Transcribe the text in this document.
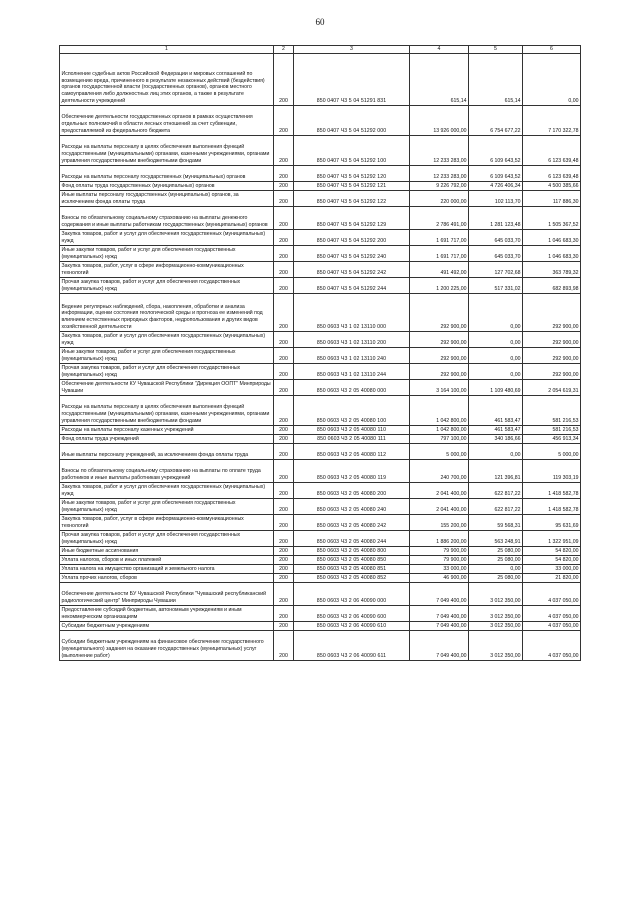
60
1	2	3	4	5	6
Исполнение судебных актов Российской Федерации и мировых соглашений по возмещению вреда, причиненного в результате незаконных действий (бездействия) органов государственной власти (государственных органов), органов местного самоуправления либо должностных лиц этих органов, а также в результате деятельности учреждений	200	850 0407 Ч3 5 04 51291 831	615,14	615,14	0,00
Обеспечение деятельности государственных органов в рамках осуществления отдельных полномочий в области лесных отношений за счет субвенции, предоставляемой из федерального бюджета	200	850 0407 Ч3 5 04 51292 000	13 926 000,00	6 754 677,22	7 170 322,78
Расходы на выплаты персоналу в целях обеспечения выполнения функций государственными (муниципальными) органами, казенными учреждениями, органами управления государственными внебюджетными фондами	200	850 0407 Ч3 5 04 51292 100	12 233 283,00	6 109 643,52	6 123 639,48
Расходы на выплаты персоналу государственных (муниципальных) органов	200	850 0407 Ч3 5 04 51292 120	12 233 283,00	6 109 643,52	6 123 639,48
Фонд оплаты труда государственных (муниципальных) органов	200	850 0407 Ч3 5 04 51292 121	9 226 792,00	4 726 406,34	4 500 385,66
Иные выплаты персоналу государственных (муниципальных) органов, за исключением фонда оплаты труда	200	850 0407 Ч3 5 04 51292 122	220 000,00	102 113,70	117 886,30
Взносы по обязательному социальному страхованию на выплаты денежного содержания и иные выплаты работникам государственных (муниципальных) органов	200	850 0407 Ч3 5 04 51292 129	2 786 491,00	1 281 123,48	1 505 367,52
Закупка товаров, работ и услуг для обеспечения государственных (муниципальных) нужд	200	850 0407 Ч3 5 04 51292 200	1 691 717,00	645 033,70	1 046 683,30
Иные закупки товаров, работ и услуг для обеспечения государственных (муниципальных) нужд	200	850 0407 Ч3 5 04 51292 240	1 691 717,00	645 033,70	1 046 683,30
Закупка товаров, работ, услуг в сфере информационно-коммуникационных технологий	200	850 0407 Ч3 5 04 51292 242	491 492,00	127 702,68	363 789,32
Прочая закупка товаров, работ и услуг для обеспечения государственных (муниципальных) нужд	200	850 0407 Ч3 5 04 51292 244	1 200 225,00	517 331,02	682 893,98
Ведение регулярных наблюдений, сбора, накопления, обработки и анализа информации, оценки состояния геологической среды и прогноза ее изменений под влиянием естественных природных факторов, недропользования и других видов хозяйственной деятельности	200	850 0603 Ч3 1 02 13110 000	292 900,00	0,00	292 900,00
Закупка товаров, работ и услуг для обеспечения государственных (муниципальных) нужд	200	850 0603 Ч3 1 02 13110 200	292 900,00	0,00	292 900,00
Иные закупки товаров, работ и услуг для обеспечения государственных (муниципальных) нужд	200	850 0603 Ч3 1 02 13110 240	292 900,00	0,00	292 900,00
Прочая закупка товаров, работ и услуг для обеспечения государственных (муниципальных) нужд	200	850 0603 Ч3 1 02 13110 244	292 900,00	0,00	292 900,00
Обеспечение деятельности КУ Чувашской Республики "Дирекция ООПТ" Минприроды Чувашии	200	850 0603 Ч3 2 05 40080 000	3 164 100,00	1 109 480,69	2 054 619,31
Расходы на выплаты персоналу в целях обеспечения выполнения функций государственными (муниципальными) органами, казенными учреждениями, органами управления государственными внебюджетными фондами	200	850 0603 Ч3 2 05 40080 100	1 042 800,00	461 583,47	581 216,53
Расходы на выплаты персоналу казенных учреждений	200	850 0603 Ч3 2 05 40080 110	1 042 800,00	461 583,47	581 216,53
Фонд оплаты труда учреждений	200	850 0603 Ч3 2 05 40080 111	797 100,00	340 186,66	456 913,34
Иные выплаты персоналу учреждений, за исключением фонда оплаты труда	200	850 0603 Ч3 2 05 40080 112	5 000,00	0,00	5 000,00
Взносы по обязательному социальному страхованию на выплаты по оплате труда работников и иные выплаты работникам учреждений	200	850 0603 Ч3 2 05 40080 119	240 700,00	121 396,81	119 303,19
Закупка товаров, работ и услуг для обеспечения государственных (муниципальных) нужд	200	850 0603 Ч3 2 05 40080 200	2 041 400,00	622 817,22	1 418 582,78
Иные закупки товаров, работ и услуг для обеспечения государственных (муниципальных) нужд	200	850 0603 Ч3 2 05 40080 240	2 041 400,00	622 817,22	1 418 582,78
Закупка товаров, работ, услуг в сфере информационно-коммуникационных технологий	200	850 0603 Ч3 2 05 40080 242	155 200,00	59 568,31	95 631,69
Прочая закупка товаров, работ и услуг для обеспечения государственных (муниципальных) нужд	200	850 0603 Ч3 2 05 40080 244	1 886 200,00	563 248,91	1 322 951,09
Иные бюджетные ассигнования	200	850 0603 Ч3 2 05 40080 800	79 900,00	25 080,00	54 820,00
Уплата налогов, сборов и иных платежей	200	850 0603 Ч3 2 05 40080 850	79 900,00	25 080,00	54 820,00
Уплата налога на имущество организаций и земельного налога	200	850 0603 Ч3 2 05 40080 851	33 000,00	0,00	33 000,00
Уплата прочих налогов, сборов	200	850 0603 Ч3 2 05 40080 852	46 900,00	25 080,00	21 820,00
Обеспечение деятельности БУ Чувашской Республики "Чувашский республиканский радиологический центр" Минприроды Чувашии	200	850 0603 Ч3 2 06 40090 000	7 049 400,00	3 012 350,00	4 037 050,00
Предоставление субсидий бюджетным, автономным учреждениям и иным некоммерческим организациям	200	850 0603 Ч3 2 06 40090 600	7 049 400,00	3 012 350,00	4 037 050,00
Субсидии бюджетным учреждениям	200	850 0603 Ч3 2 06 40090 610	7 049 400,00	3 012 350,00	4 037 050,00
Субсидии бюджетным учреждениям на финансовое обеспечение государственного (муниципального) задания на оказание государственных (муниципальных) услуг (выполнение работ)	200	850 0603 Ч3 2 06 40090 611	7 049 400,00	3 012 350,00	4 037 050,00
